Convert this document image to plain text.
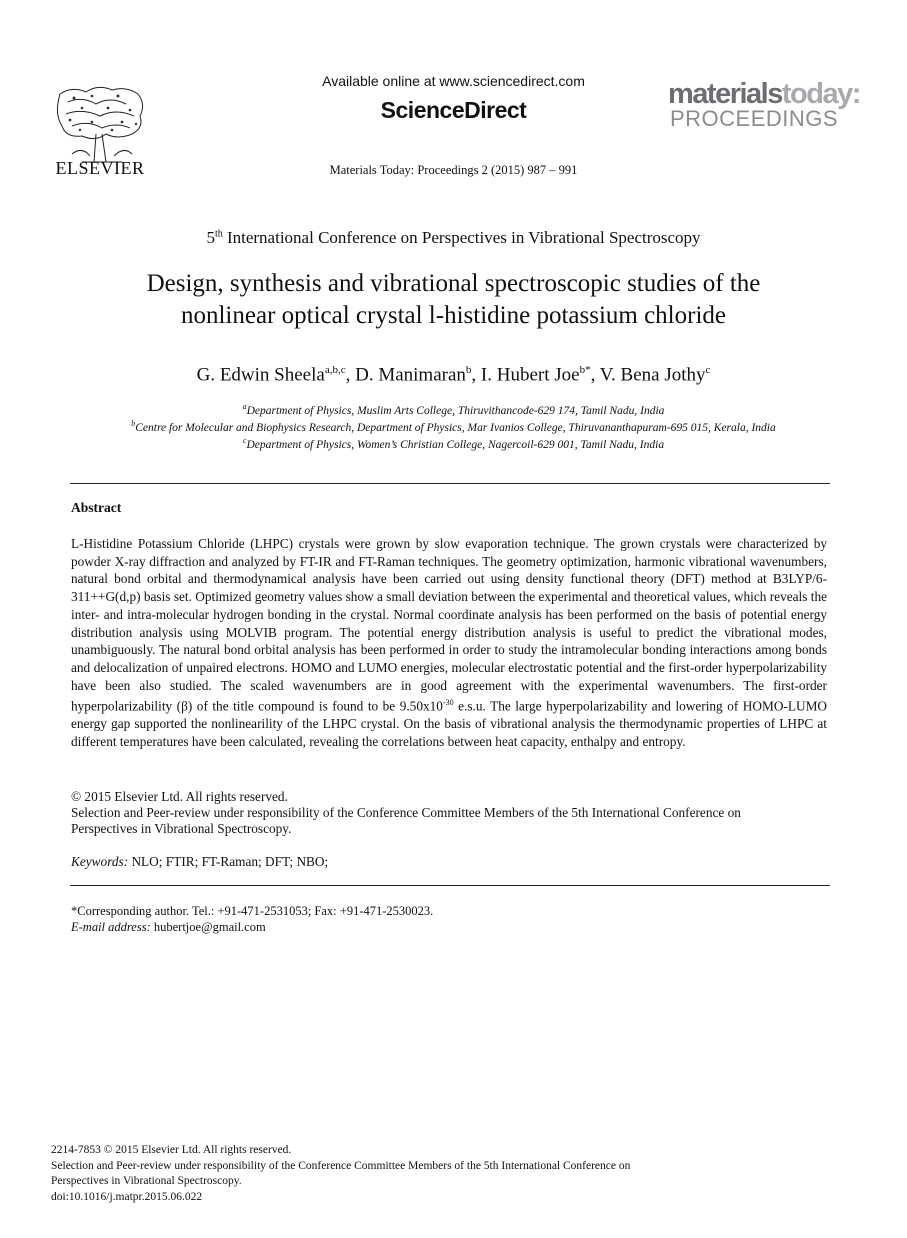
ELSEVIER
Available online at www.sciencedirect.com
ScienceDirect
Materials Today: Proceedings 2 (2015) 987 – 991
materialstoday:
PROCEEDINGS
5th International Conference on Perspectives in Vibrational Spectroscopy
Design, synthesis and vibrational spectroscopic studies of the
nonlinear optical crystal l-histidine potassium chloride
G. Edwin Sheela$^{a,b,c}$, D. Manimaran$^b$, I. Hubert Joe$^{b*}$, V. Bena Jothy$^c$
$^a$Department of Physics, Muslim Arts College, Thiruvithancode-629 174, Tamil Nadu, India
$^b$Centre for Molecular and Biophysics Research, Department of Physics, Mar Ivanios College, Thiruvananthapuram-695 015, Kerala, India
$^c$Department of Physics, Women’s Christian College, Nagercoil-629 001, Tamil Nadu, India
Abstract

L-Histidine Potassium Chloride (LHPC) crystals were grown by slow evaporation technique. The grown crystals were characterized by powder X-ray diffraction and analyzed by FT-IR and FT-Raman techniques. The geometry optimization, harmonic vibrational wavenumbers, natural bond orbital and thermodynamical analysis have been carried out using density functional theory (DFT) method at B3LYP/6-311++G(d,p) basis set. Optimized geometry values show a small deviation between the experimental and theoretical values, which reveals the inter- and intra-molecular hydrogen bonding in the crystal. Normal coordinate analysis has been performed on the basis of potential energy distribution analysis using MOLVIB program. The potential energy distribution analysis is useful to predict the vibrational modes, unambiguously. The natural bond orbital analysis has been performed in order to study the intramolecular bonding interactions among bonds and delocalization of unpaired electrons. HOMO and LUMO energies, molecular electrostatic potential and the first-order hyperpolarizability have been also studied. The scaled wavenumbers are in good agreement with the experimental wavenumbers. The first-order hyperpolarizability (β) of the title compound is found to be $9.50x10^{-30}$ e.s.u. The large hyperpolarizability and lowering of HOMO-LUMO energy gap supported the nonlinearility of the LHPC crystal. On the basis of vibrational analysis the thermodynamic properties of LHPC at different temperatures have been calculated, revealing the correlations between heat capacity, enthalpy and entropy.

© 2015 Elsevier Ltd. All rights reserved.
Selection and Peer-review under responsibility of the Conference Committee Members of the 5th International Conference on
Perspectives in Vibrational Spectroscopy.
Keywords: NLO; FTIR; FT-Raman; DFT; NBO;
*Corresponding author. Tel.: +91-471-2531053; Fax: +91-471-2530023.
E-mail address: hubertjoe@gmail.com
2214-7853 © 2015 Elsevier Ltd. All rights reserved.
Selection and Peer-review under responsibility of the Conference Committee Members of the 5th International Conference on
Perspectives in Vibrational Spectroscopy.
doi:10.1016/j.matpr.2015.06.022
